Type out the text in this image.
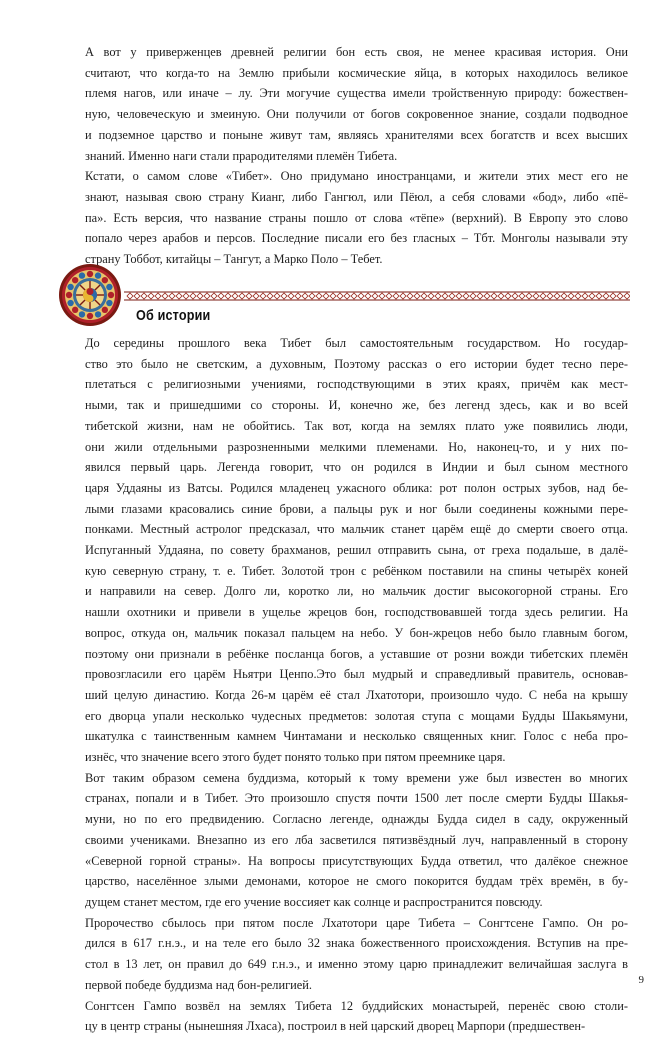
А вот у приверженцев древней религии бон есть своя, не менее красивая история. Они
считают, что когда-то на Землю прибыли космические яйца, в которых находилось великое
племя нагов, или иначе – лу. Эти могучие существа имели тройственную природу: божествен-
ную, человеческую и змеиную. Они получили от богов сокровенное знание, создали подводное
и подземное царство и поныне живут там, являясь хранителями всех богатств и всех высших
знаний. Именно наги стали прародителями племён Тибета.

Кстати, о самом слове «Тибет». Оно придумано иностранцами, и жители этих мест его не
знают, называя свою страну Кианг, либо Гангюл, или Пёюл, а себя словами «бод», либо «пё-
па». Есть версия, что название страны пошло от слова «тёпе» (верхний). В Европу это слово
попало через арабов и персов. Последние писали его без гласных – Тбт. Монголы называли эту
страну Тоббот, китайцы – Тангут, а Марко Поло – Тебет.

Об истории

До середины прошлого века Тибет был самостоятельным государством. Но государ-
ство это было не светским, а духовным, Поэтому рассказ о его истории будет тесно пере-
плетаться с религиозными учениями, господствующими в этих краях, причём как мест-
ными, так и пришедшими со стороны. И, конечно же, без легенд здесь, как и во всей
тибетской жизни, нам не обойтись. Так вот, когда на землях плато уже появились люди,
они жили отдельными разрозненными мелкими племенами. Но, наконец-то, и у них по-
явился первый царь. Легенда говорит, что он родился в Индии и был сыном местного
царя Уддаяны из Ватсы. Родился младенец ужасного облика: рот полон острых зубов, над бе-
лыми глазами красовались синие брови, а пальцы рук и ног были соединены кожными пере-
понками. Местный астролог предсказал, что мальчик станет царём ещё до смерти своего отца.
Испуганный Уддаяна, по совету брахманов, решил отправить сына, от греха подальше, в далё-
кую северную страну, т. е. Тибет. Золотой трон с ребёнком поставили на спины четырёх коней
и направили на север. Долго ли, коротко ли, но мальчик достиг высокогорной страны. Его
нашли охотники и привели в ущелье жрецов бон, господствовавшей тогда здесь религии. На
вопрос, откуда он, мальчик показал пальцем на небо. У бон-жрецов небо было главным богом,
поэтому они признали в ребёнке посланца богов, а уставшие от розни вожди тибетских племён
провозгласили его царём Ньятри Ценпо.Это был мудрый и справедливый правитель, основав-
ший целую династию. Когда 26-м царём её стал Лхатотори, произошло чудо. С неба на крышу
его дворца упали несколько чудесных предметов: золотая ступа с мощами Будды Шакьямуни,
шкатулка с таинственным камнем Чинтамани и несколько священных книг. Голос с неба про-
изнёс, что значение всего этого будет понято только при пятом преемнике царя.

Вот таким образом семена буддизма, который к тому времени уже был известен во многих
странах, попали и в Тибет. Это произошло спустя почти 1500 лет после смерти Будды Шакья-
муни, но по его предвидению. Согласно легенде, однажды Будда сидел в саду, окруженный
своими учениками. Внезапно из его лба засветился пятизвёздный луч, направленный в сторону
«Северной горной страны». На вопросы присутствующих Будда ответил, что далёкое снежное
царство, населённое злыми демонами, которое не смого покорится буддам трёх времён, в бу-
дущем станет местом, где его учение воссияет как солнце и распространится повсюду.

Пророчество сбылось при пятом после Лхатотори царе Тибета – Сонгтсене Гампо. Он ро-
дился в 617 г.н.э., и на теле его было 32 знака божественного происхождения. Вступив на пре-
стол в 13 лет, он правил до 649 г.н.э., и именно этому царю принадлежит величайшая заслуга в
первой победе буддизма над бон-религией.

Сонгтсен Гампо возвёл на землях Тибета 12 буддийских монастырей, перенёс свою столи-
цу в центр страны (нынешняя Лхаса), построил в ней царский дворец Марпори (предшествен-

9
